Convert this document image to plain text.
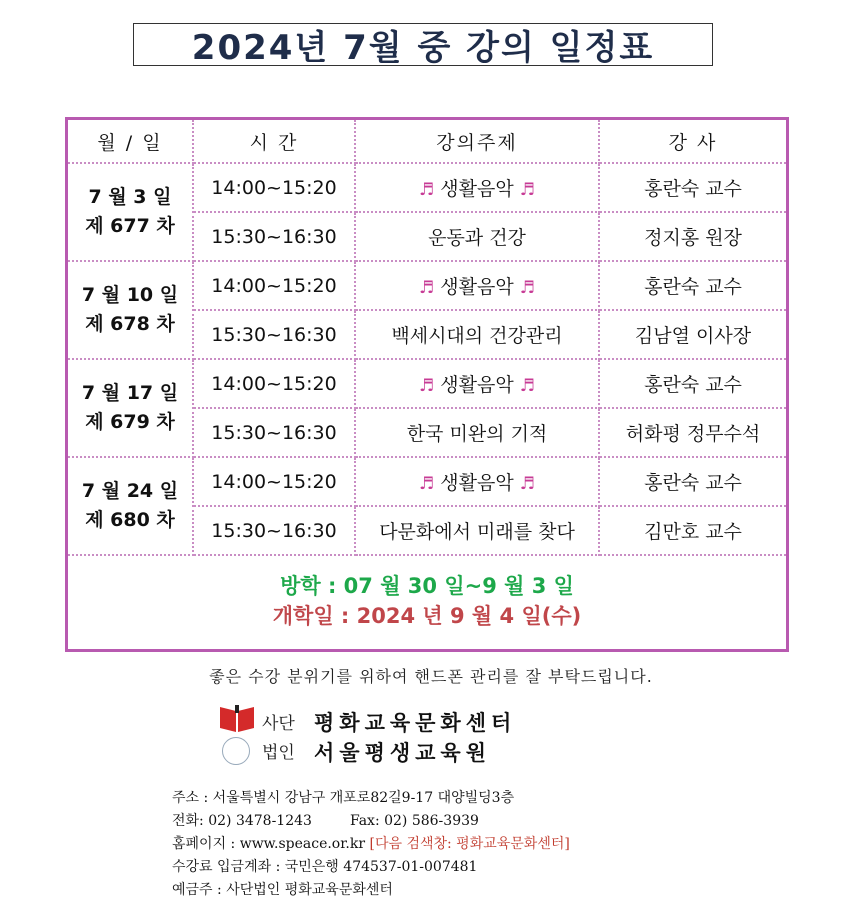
2024년 7월 중 강의 일정표
월 / 일	시 간	강의주제	강 사

7 월 3 일
제 677 차	14:00~15:20	♬ 생활음악 ♬	홍란숙 교수
	15:30~16:30	운동과 건강	정지홍 원장

7 월 10 일
제 678 차	14:00~15:20	♬ 생활음악 ♬	홍란숙 교수
	15:30~16:30	백세시대의 건강관리	김남열 이사장

7 월 17 일
제 679 차	14:00~15:20	♬ 생활음악 ♬	홍란숙 교수
	15:30~16:30	한국 미완의 기적	허화평 정무수석

7 월 24 일
제 680 차	14:00~15:20	♬ 생활음악 ♬	홍란숙 교수
	15:30~16:30	다문화에서 미래를 찾다	김만호 교수
방학 : 07 월 30 일~9 월 3 일
개학일 : 2024 년 9 월 4 일(수)
좋은 수강 분위기를 위하여 핸드폰 관리를 잘 부탁드립니다.
사단
법인
평화교육문화센터
서울평생교육원
주소 : 서울특별시 강남구 개포로82길9-17 대양빌딩3층
전화: 02) 3478-1243	Fax: 02) 586-3939
홈페이지 : www.speace.or.kr [다음 검색창: 평화교육문화센터]
수강료 입금계좌 : 국민은행 474537-01-007481
예금주 : 사단법인 평화교육문화센터
